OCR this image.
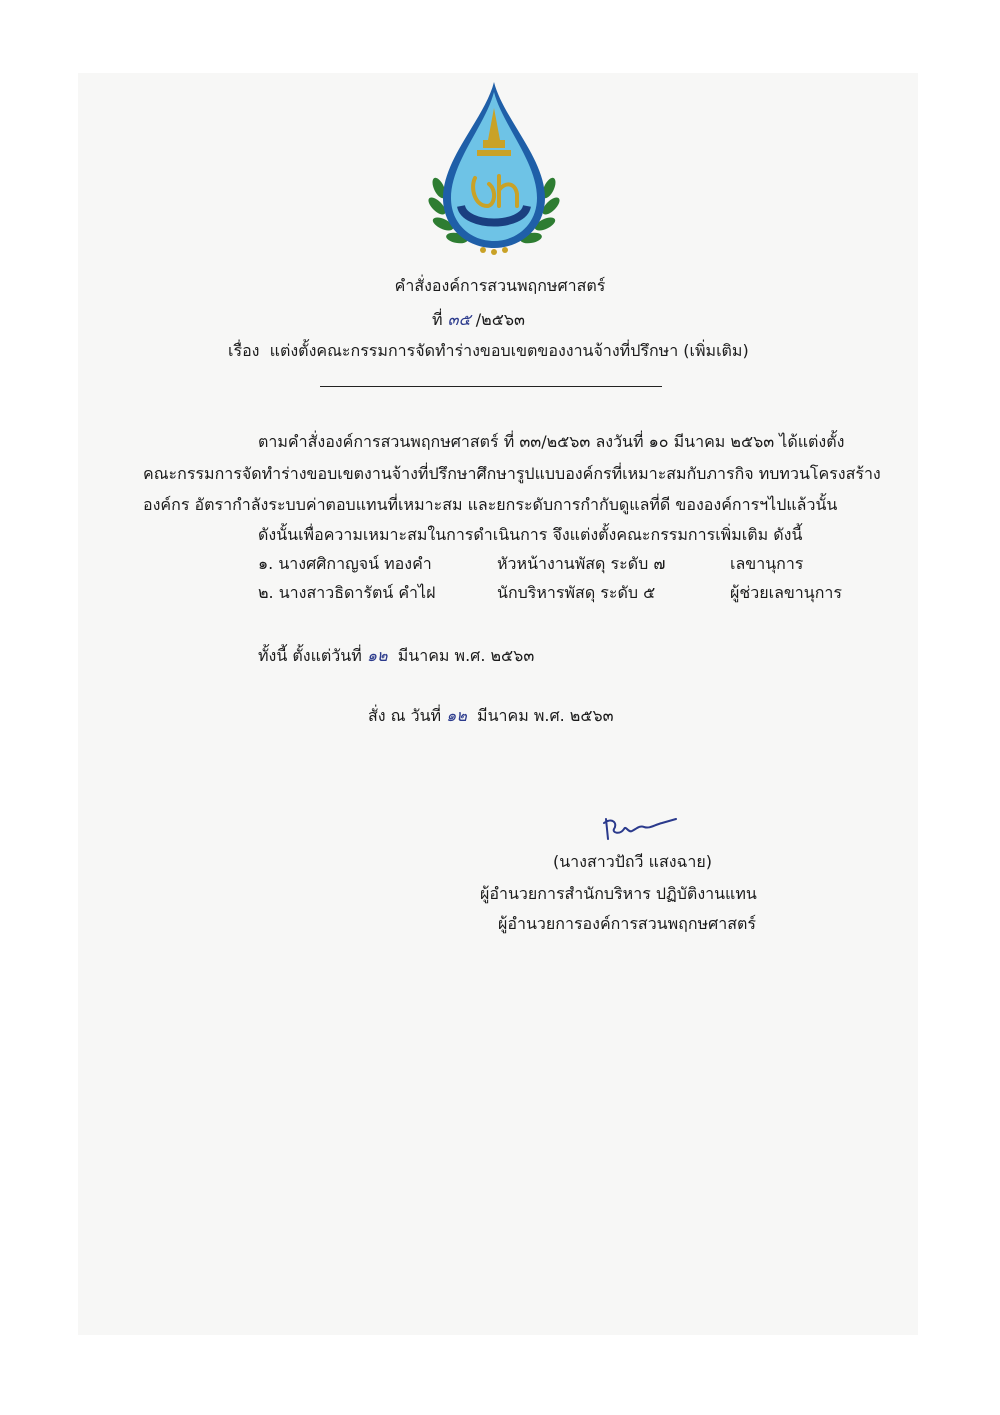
คำสั่งองค์การสวนพฤกษศาสตร์
ที่ ๓๕ /๒๕๖๓
เรื่อง แต่งตั้งคณะกรรมการจัดทำร่างขอบเขตของงานจ้างที่ปรึกษา (เพิ่มเติม)
ตามคำสั่งองค์การสวนพฤกษศาสตร์ ที่ ๓๓/๒๕๖๓ ลงวันที่ ๑๐ มีนาคม ๒๕๖๓ ได้แต่งตั้ง
คณะกรรมการจัดทำร่างขอบเขตงานจ้างที่ปรึกษาศึกษารูปแบบองค์กรที่เหมาะสมกับภารกิจ ทบทวนโครงสร้าง
องค์กร อัตรากำลังระบบค่าตอบแทนที่เหมาะสม และยกระดับการกำกับดูแลที่ดี ขององค์การฯไปแล้วนั้น
ดังนั้นเพื่อความเหมาะสมในการดำเนินการ จึงแต่งตั้งคณะกรรมการเพิ่มเติม ดังนี้
๑. นางศศิกาญจน์ ทองคำ	หัวหน้างานพัสดุ ระดับ ๗	เลขานุการ
๒. นางสาวธิดารัตน์ คำไฝ	นักบริหารพัสดุ ระดับ ๕	ผู้ช่วยเลขานุการ
ทั้งนี้ ตั้งแต่วันที่ ๑๒ มีนาคม พ.ศ. ๒๕๖๓
สั่ง ณ วันที่ ๑๒ มีนาคม พ.ศ. ๒๕๖๓
(นางสาวปัถวี แสงฉาย)
ผู้อำนวยการสำนักบริหาร ปฏิบัติงานแทน
ผู้อำนวยการองค์การสวนพฤกษศาสตร์
